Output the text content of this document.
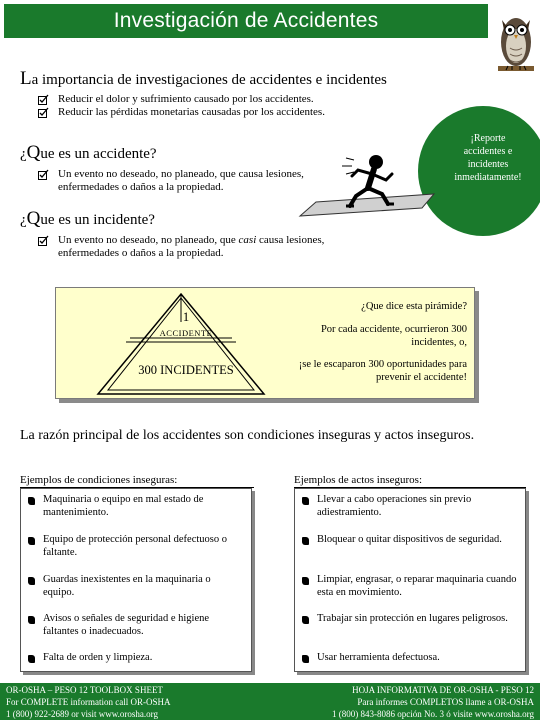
Investigación de Accidentes
La importancia de investigaciones de accidentes e incidentes
Reducir el dolor y sufrimiento causado por los accidentes.
Reducir las pérdidas monetarias causadas por los accidentes.
¡Reporte
accidentes e
incidentes
inmediatamente!
¿Que es un accidente?
Un evento no deseado, no planeado, que causa lesiones, enfermedades o daños a la propiedad.
¿Que es un incidente?
Un evento no deseado, no planeado, que casi causa lesiones, enfermedades o daños a la propiedad.
1
ACCIDENTE
300 INCIDENTES
¿Que dice esta pirámide?
Por cada accidente, ocurrieron 300 incidentes, o,
¡se le escaparon 300 oportunidades para prevenir el accidente!
La razón principal de los accidentes son condiciones inseguras y actos inseguros.
Ejemplos de condiciones inseguras:	Ejemplos de actos inseguros:
Maquinaria o equipo en mal estado de mantenimiento.
Equipo de protección personal defectuoso o faltante.
Guardas inexistentes en la maquinaria o equipo.
Avisos o señales de seguridad e higiene faltantes o inadecuados.
Falta de orden y limpieza.
Llevar a cabo operaciones sin previo adiestramiento.
Bloquear o quitar dispositivos de seguridad.
Limpiar, engrasar, o reparar maquinaria cuando esta en movimiento.
Trabajar sin protección en lugares peligrosos.
Usar herramienta defectuosa.
OR-OSHA – PESO 12 TOOLBOX SHEET
For COMPLETE information call OR-OSHA
1 (800) 922-2689 or visit www.orosha.org
HOJA INFORMATIVA DE OR-OSHA - PESO 12
Para informes COMPLETOS llame a OR-OSHA
1 (800) 843-8086 opción No. 3 ó visite www.orosha.org
